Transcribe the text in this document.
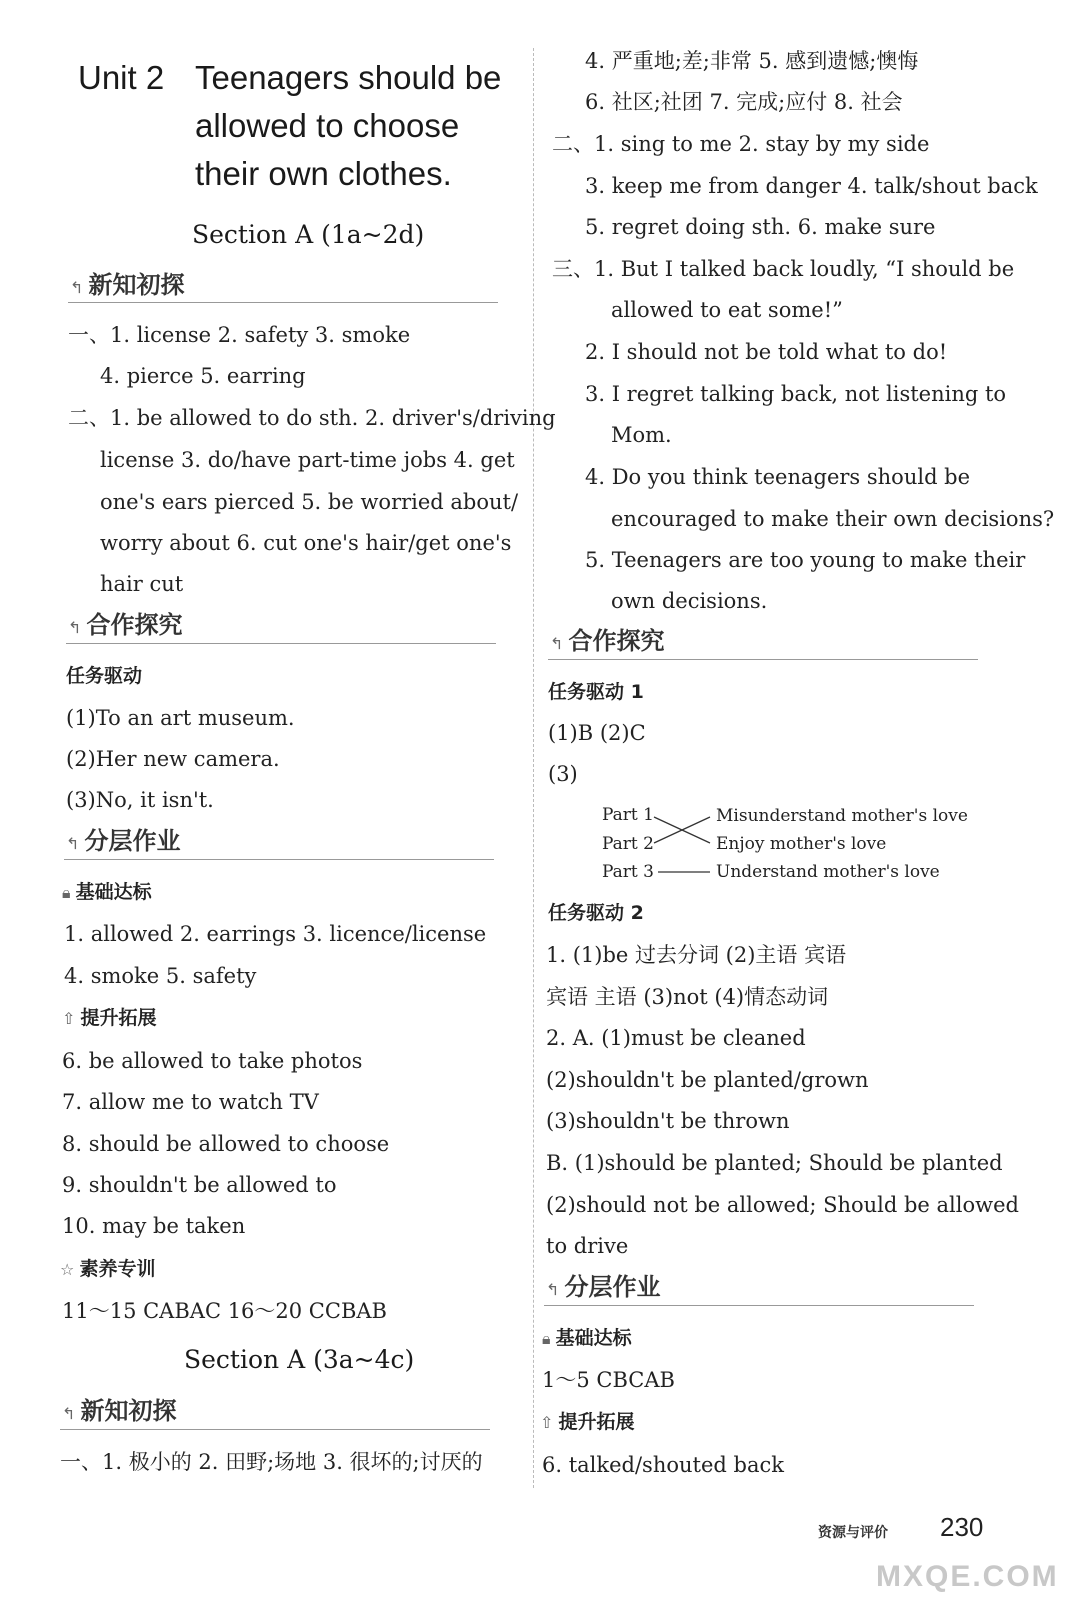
Unit 2 Teenagers should be
allowed to choose
their own clothes.
Section A (1a~2d)
↰ 新知初探
一、1. license 2. safety 3. smoke
4. pierce 5. earring
二、1. be allowed to do sth. 2. driver's/driving
license 3. do/have part-time jobs 4. get
one's ears pierced 5. be worried about/
worry about 6. cut one's hair/get one's
hair cut
↰ 合作探究
任务驱动
(1)To an art museum.
(2)Her new camera.
(3)No, it isn't.
↰ 分层作业
🔒︎ 基础达标
1. allowed 2. earrings 3. licence/license
4. smoke 5. safety
⇧ 提升拓展
6. be allowed to take photos
7. allow me to watch TV
8. should be allowed to choose
9. shouldn't be allowed to
10. may be taken
☆ 素养专训
11～15 CABAC 16～20 CCBAB
Section A (3a~4c)
↰ 新知初探
一、1. 极小的 2. 田野;场地 3. 很坏的;讨厌的
4. 严重地;差;非常 5. 感到遗憾;懊悔
6. 社区;社团 7. 完成;应付 8. 社会
二、1. sing to me 2. stay by my side
3. keep me from danger 4. talk/shout back
5. regret doing sth. 6. make sure
三、1. But I talked back loudly, “I should be
allowed to eat some!”
2. I should not be told what to do!
3. I regret talking back, not listening to
Mom.
4. Do you think teenagers should be
encouraged to make their own decisions?
5. Teenagers are too young to make their
own decisions.
↰ 合作探究
任务驱动 1
(1)B (2)C
(3)
Part 1
Part 2
Part 3
Misunderstand mother's love
Enjoy mother's love
Understand mother's love
任务驱动 2
1. (1)be 过去分词 (2)主语 宾语
宾语 主语 (3)not (4)情态动词
2. A. (1)must be cleaned
(2)shouldn't be planted/grown
(3)shouldn't be thrown
B. (1)should be planted; Should be planted
(2)should not be allowed; Should be allowed
to drive
↰ 分层作业
🔒︎ 基础达标
1～5 CBCAB
⇧ 提升拓展
6. talked/shouted back
资源与评价 230
MXQE.COM
